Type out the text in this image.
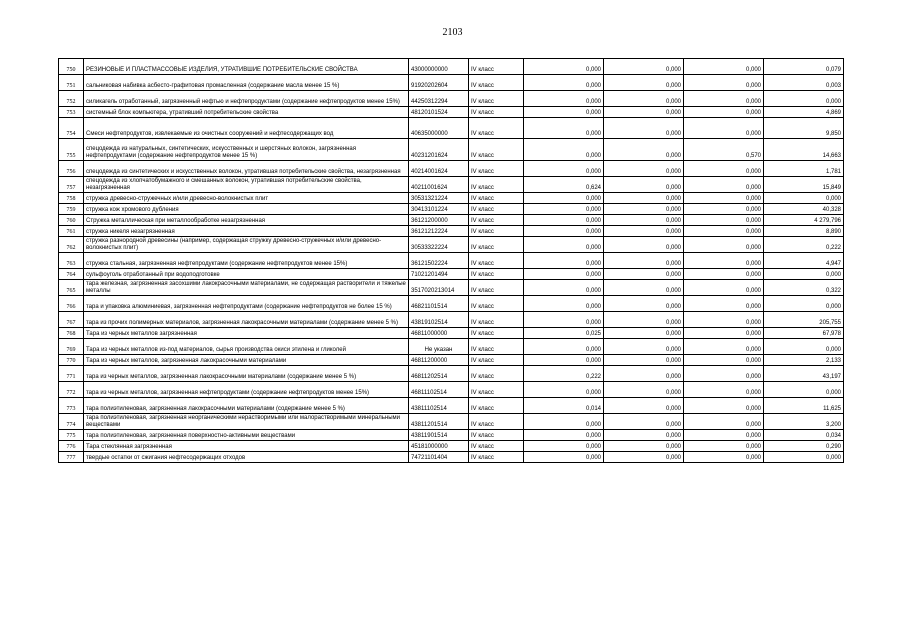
2103
750	РЕЗИНОВЫЕ И ПЛАСТМАССОВЫЕ ИЗДЕЛИЯ, УТРАТИВШИЕ ПОТРЕБИТЕЛЬСКИЕ СВОЙСТВА	43000000000	IV класс	0,000	0,000	0,000	0,079
751	сальниковая набивка асбесто-графитовая промасленная (содержание масла менее 15 %)	91920202604	IV класс	0,000	0,000	0,000	0,003
752	силикагель отработанный, загрязненный нефтью и нефтепродуктами (содержание нефтепродуктов менее 15%)	44250312294	IV класс	0,000	0,000	0,000	0,000
753	системный блок компьютера, утративший потребительские свойства	48120101524	IV класс	0,000	0,000	0,000	4,869
754	Смеси нефтепродуктов, извлекаемые из очистных сооружений и нефтесодержащих вод	40635000000	IV класс	0,000	0,000	0,000	9,850
755	спецодежда из натуральных, синтетических, искусственных и шерстяных волокон, загрязненная нефтепродуктами (содержание нефтепродуктов менее 15 %)	40231201624	IV класс	0,000	0,000	0,570	14,663
756	спецодежда из синтетических и искусственных волокон, утратившая потребительские свойства, незагрязненная	40214001624	IV класс	0,000	0,000	0,000	1,781
757	спецодежда из хлопчатобумажного и смешанных волокон, утратившая потребительские свойства, незагрязненная	40211001624	IV класс	0,624	0,000	0,000	15,849
758	стружка древесно-стружечных и/или древесно-волокнистых плит	30531321224	IV класс	0,000	0,000	0,000	0,000
759	стружка кож хромового дубления	30413101224	IV класс	0,000	0,000	0,000	40,328
760	Стружка металлическая при металлообработке незагрязненная	36121200000	IV класс	0,000	0,000	0,000	4 279,796
761	стружка никеля незагрязненная	36121212224	IV класс	0,000	0,000	0,000	8,890
762	стружка разнородной древесины (например, содержащая стружку древесно-стружечных и/или древесно-волокнистых плит)	30533322224	IV класс	0,000	0,000	0,000	0,222
763	стружка стальная, загрязненная нефтепродуктами (содержание нефтепродуктов менее 15%)	36121502224	IV класс	0,000	0,000	0,000	4,947
764	сульфоуголь отработанный при водоподготовке	71021201494	IV класс	0,000	0,000	0,000	0,000
765	тара железная, загрязненная засохшими лакокрасочными материалами, не содержащая растворители и тяжелые металлы	3517020213014	IV класс	0,000	0,000	0,000	0,322
766	тара и упаковка алюминиевая, загрязненная нефтепродуктами (содержание нефтепродуктов не более 15 %)	46821101514	IV класс	0,000	0,000	0,000	0,000
767	тара из прочих полимерных материалов, загрязненная лакокрасочными материалами (содержание менее 5 %)	43819102514	IV класс	0,000	0,000	0,000	205,755
768	Тара из черных металлов загрязненная	46811000000	IV класс	0,025	0,000	0,000	67,978
769	Тара из черных металлов из-под материалов, сырья производства окиси этилена и гликолей	Не указан	IV класс	0,000	0,000	0,000	0,000
770	Тара из черных металлов, загрязненная лакокрасочными материалами	46811200000	IV класс	0,000	0,000	0,000	2,133
771	тара из черных металлов, загрязненная лакокрасочными материалами (содержание менее 5 %)	46811202514	IV класс	0,222	0,000	0,000	43,197
772	тара из черных металлов, загрязненная нефтепродуктами (содержание нефтепродуктов менее 15%)	46811102514	IV класс	0,000	0,000	0,000	0,000
773	тара полиэтиленовая, загрязненная лакокрасочными материалами (содержание менее 5 %)	43811102514	IV класс	0,014	0,000	0,000	11,625
774	тара полиэтиленовая, загрязненная неорганическими нерастворимыми или малорастворимыми минеральными веществами	43811201514	IV класс	0,000	0,000	0,000	3,200
775	тара полиэтиленовая, загрязненная поверхностно-активными веществами	43811901514	IV класс	0,000	0,000	0,000	0,034
776	Тара стеклянная загрязненная	45181000000	IV класс	0,000	0,000	0,000	0,290
777	твердые остатки от сжигания нефтесодержащих отходов	74721101404	IV класс	0,000	0,000	0,000	0,000
